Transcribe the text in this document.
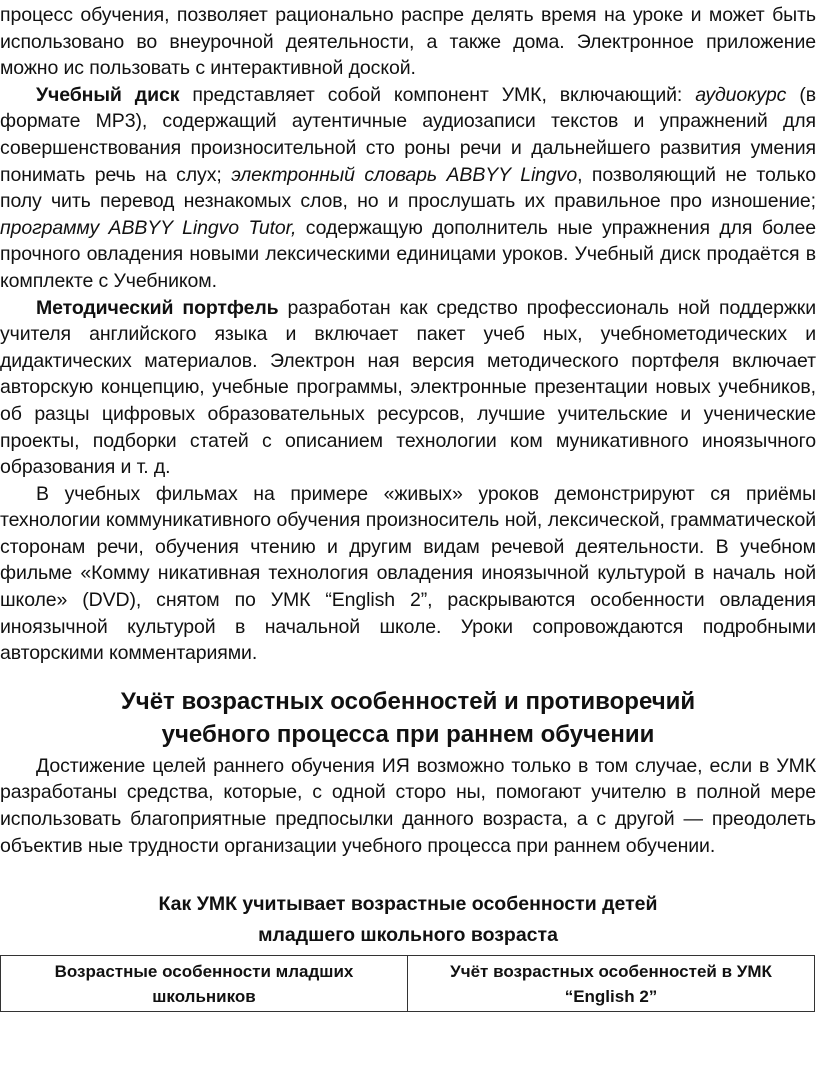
процесс обучения, позволяет рационально распре делять время на уроке и может быть использовано во внеурочной деятельности, а также дома. Электронное приложение можно ис пользовать с интерактивной доской.

Учебный диск представляет собой компонент УМК, включающий: аудиокурс (в формате MP3), содержащий аутентичные аудиозаписи текстов и упражнений для совершенствования произносительной сто роны речи и дальнейшего развития умения понимать речь на слух; электронный словарь ABBYY Lingvo, позволяющий не только полу чить перевод незнакомых слов, но и прослушать их правильное про изношение; программу ABBYY Lingvo Tutor, содержащую дополнитель ные упражнения для более прочного овладения новыми лексическими единицами уроков. Учебный диск продаётся в комплекте с Учебником.

Методический портфель разработан как средство профессиональ ной поддержки учителя английского языка и включает пакет учеб ных, учебнометодических и дидактических материалов. Электрон ная версия методического портфеля включает авторскую концепцию, учебные программы, электронные презентации новых учебников, об разцы цифровых образовательных ресурсов, лучшие учительские и ученические проекты, подборки статей с описанием технологии ком муникативного иноязычного образования и т. д.

В учебных фильмах на примере «живых» уроков демонстрируют ся приёмы технологии коммуникативного обучения произноситель ной, лексической, грамматической сторонам речи, обучения чтению и другим видам речевой деятельности. В учебном фильме «Комму никативная технология овладения иноязычной культурой в началь ной школе» (DVD), снятом по УМК “English 2”, раскрываются особенности овладения иноязычной культурой в начальной школе. Уроки сопровождаются подробными авторскими комментариями.

Учёт возрастных особенностей и противоречий
учебного процесса при раннем обучении

Достижение целей раннего обучения ИЯ возможно только в том случае, если в УМК разработаны средства, которые, с одной сторо ны, помогают учителю в полной мере использовать благоприятные предпосылки данного возраста, а с другой — преодолеть объектив ные трудности организации учебного процесса при раннем обучении.

Как УМК учитывает возрастные особенности детей
младшего школьного возраста
Возрастные особенности младших школьников	Учёт возрастных особенностей в УМК “English 2”
